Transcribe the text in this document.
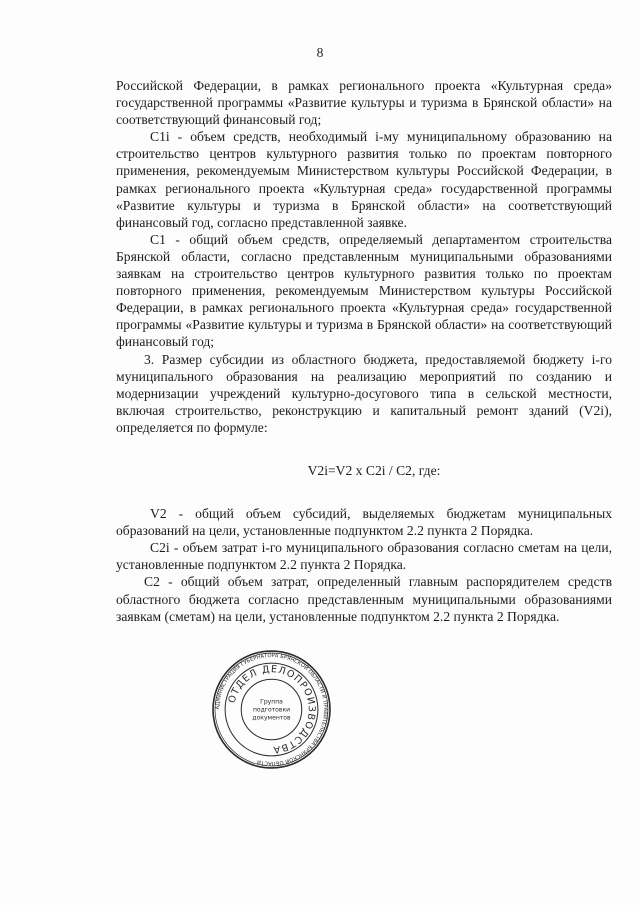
8

Российской Федерации, в рамках регионального проекта «Культурная среда» государственной программы «Развитие культуры и туризма в Брянской области» на соответствующий финансовый год;

C1i - объем средств, необходимый i-му муниципальному образованию на строительство центров культурного развития только по проектам повторного применения, рекомендуемым Министерством культуры Российской Федерации, в рамках регионального проекта «Культурная среда» государственной программы «Развитие культуры и туризма в Брянской области» на соответствующий финансовый год, согласно представленной заявке.

C1 - общий объем средств, определяемый департаментом строительства Брянской области, согласно представленным муниципальными образованиями заявкам на строительство центров культурного развития только по проектам повторного применения, рекомендуемым Министерством культуры Российской Федерации, в рамках регионального проекта «Культурная среда» государственной программы «Развитие культуры и туризма в Брянской области» на соответствующий финансовый год;

3. Размер субсидии из областного бюджета, предоставляемой бюджету i-го муниципального образования на реализацию мероприятий по созданию и модернизации учреждений культурно-досугового типа в сельской местности, включая строительство, реконструкцию и капитальный ремонт зданий (V2i), определяется по формуле:

V2i=V2 x C2i / C2, где:

V2 - общий объем субсидий, выделяемых бюджетам муниципальных образований на цели, установленные подпунктом 2.2 пункта 2 Порядка.

C2i - объем затрат i-го муниципального образования согласно сметам на цели, установленные подпунктом 2.2 пункта 2 Порядка.

C2 - общий объем затрат, определенный главным распорядителем средств областного бюджета согласно представленным муниципальными образованиями заявкам (сметам) на цели, установленные подпунктом 2.2 пункта 2 Порядка.

АДМИНИСТРАЦИЯ ГУБЕРНАТОРА БРЯНСКОЙ ОБЛАСТИ И ПРАВИТЕЛЬСТВА БРЯНСКОЙ ОБЛАСТИ
ОТДЕЛ ДЕЛОПРОИЗВОДСТВА
Группа
подготовки
документов
